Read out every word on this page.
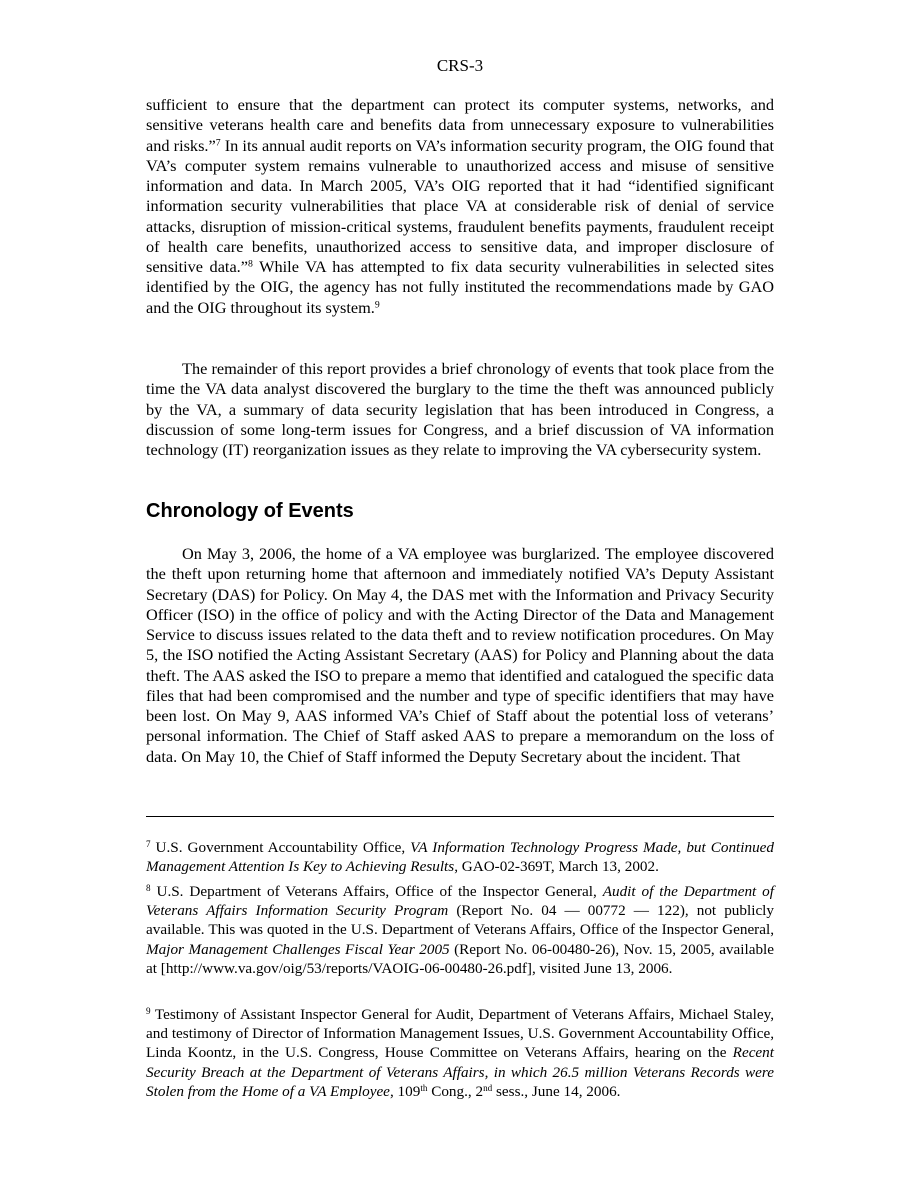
CRS-3
sufficient to ensure that the department can protect its computer systems, networks, and sensitive veterans health care and benefits data from unnecessary exposure to vulnerabilities and risks.”$^7$ In its annual audit reports on VA’s information security program, the OIG found that VA’s computer system remains vulnerable to unauthorized access and misuse of sensitive information and data. In March 2005, VA’s OIG reported that it had “identified significant information security vulnerabilities that place VA at considerable risk of denial of service attacks, disruption of mission-critical systems, fraudulent benefits payments, fraudulent receipt of health care benefits, unauthorized access to sensitive data, and improper disclosure of sensitive data.”$^8$ While VA has attempted to fix data security vulnerabilities in selected sites identified by the OIG, the agency has not fully instituted the recommendations made by GAO and the OIG throughout its system.$^9$
The remainder of this report provides a brief chronology of events that took place from the time the VA data analyst discovered the burglary to the time the theft was announced publicly by the VA, a summary of data security legislation that has been introduced in Congress, a discussion of some long-term issues for Congress, and a brief discussion of VA information technology (IT) reorganization issues as they relate to improving the VA cybersecurity system.
Chronology of Events
On May 3, 2006, the home of a VA employee was burglarized. The employee discovered the theft upon returning home that afternoon and immediately notified VA’s Deputy Assistant Secretary (DAS) for Policy. On May 4, the DAS met with the Information and Privacy Security Officer (ISO) in the office of policy and with the Acting Director of the Data and Management Service to discuss issues related to the data theft and to review notification procedures. On May 5, the ISO notified the Acting Assistant Secretary (AAS) for Policy and Planning about the data theft. The AAS asked the ISO to prepare a memo that identified and catalogued the specific data files that had been compromised and the number and type of specific identifiers that may have been lost. On May 9, AAS informed VA’s Chief of Staff about the potential loss of veterans’ personal information. The Chief of Staff asked AAS to prepare a memorandum on the loss of data. On May 10, the Chief of Staff informed the Deputy Secretary about the incident. That
$^7$ U.S. Government Accountability Office, VA Information Technology Progress Made, but Continued Management Attention Is Key to Achieving Results, GAO-02-369T, March 13, 2002.
$^8$ U.S. Department of Veterans Affairs, Office of the Inspector General, Audit of the Department of Veterans Affairs Information Security Program (Report No. 04 — 00772 — 122), not publicly available. This was quoted in the U.S. Department of Veterans Affairs, Office of the Inspector General, Major Management Challenges Fiscal Year 2005 (Report No. 06-00480-26), Nov. 15, 2005, available at [http://www.va.gov/oig/53/reports/VAOIG-06-00480-26.pdf], visited June 13, 2006.
$^9$ Testimony of Assistant Inspector General for Audit, Department of Veterans Affairs, Michael Staley, and testimony of Director of Information Management Issues, U.S. Government Accountability Office, Linda Koontz, in the U.S. Congress, House Committee on Veterans Affairs, hearing on the Recent Security Breach at the Department of Veterans Affairs, in which 26.5 million Veterans Records were Stolen from the Home of a VA Employee, 109th Cong., 2nd sess., June 14, 2006.
